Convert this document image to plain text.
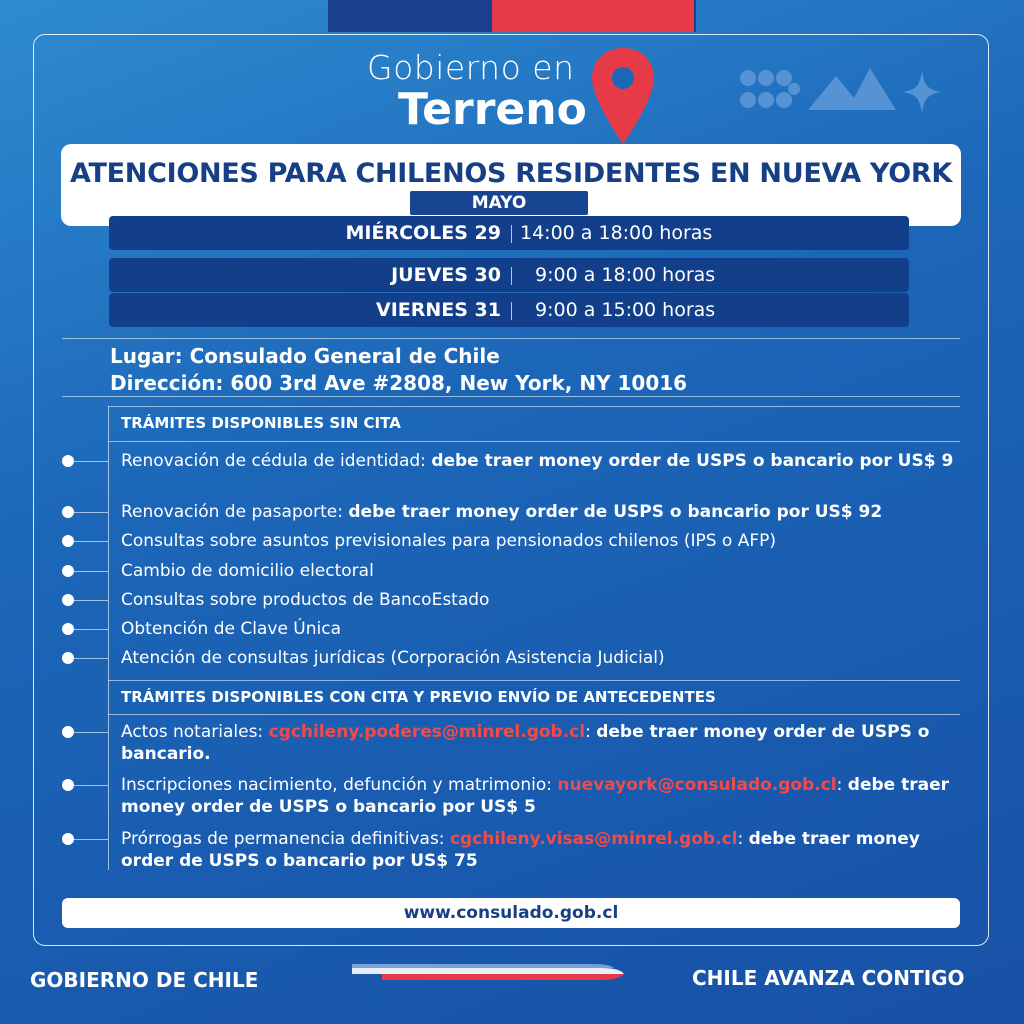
Gobierno en
Terreno
ATENCIONES PARA CHILENOS RESIDENTES EN NUEVA YORK
MAYO
MIÉRCOLES 29 14:00 a 18:00 horas
JUEVES 30 9:00 a 18:00 horas
VIERNES 31 9:00 a 15:00 horas
Lugar: Consulado General de Chile
Dirección: 600 3rd Ave #2808, New York, NY 10016
TRÁMITES DISPONIBLES SIN CITA
Renovación de cédula de identidad: debe traer money order de USPS o bancario por US$ 9
Renovación de pasaporte: debe traer money order de USPS o bancario por US$ 92
Consultas sobre asuntos previsionales para pensionados chilenos (IPS o AFP)
Cambio de domicilio electoral
Consultas sobre productos de BancoEstado
Obtención de Clave Única
Atención de consultas jurídicas (Corporación Asistencia Judicial)
TRÁMITES DISPONIBLES CON CITA Y PREVIO ENVÍO DE ANTECEDENTES
Actos notariales: cgchileny.poderes@minrel.gob.cl: debe traer money order de USPS o bancario.
Inscripciones nacimiento, defunción y matrimonio: nuevayork@consulado.gob.cl: debe traer money order de USPS o bancario por US$ 5
Prórrogas de permanencia definitivas: cgchileny.visas@minrel.gob.cl: debe traer money order de USPS o bancario por US$ 75
www.consulado.gob.cl
GOBIERNO DE CHILE	CHILE AVANZA CONTIGO
